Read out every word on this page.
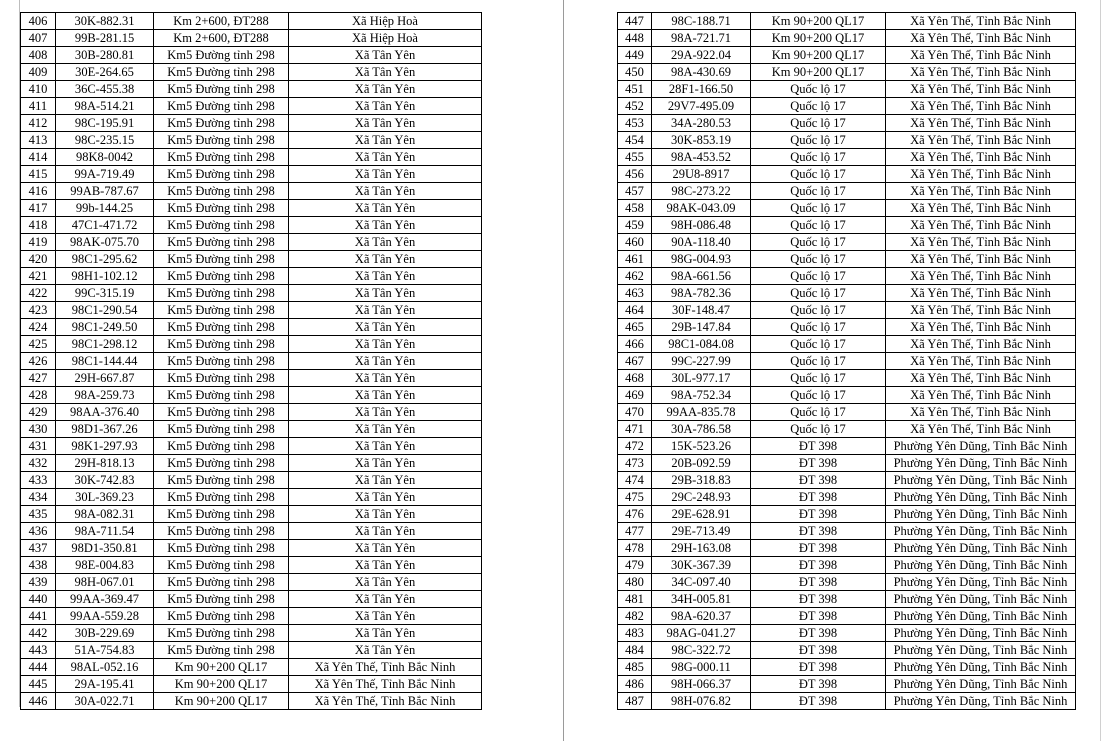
406	30K-882.31	Km 2+600, ĐT288	Xã Hiệp Hoà
407	99B-281.15	Km 2+600, ĐT288	Xã Hiệp Hoà
408	30B-280.81	Km5 Đường tỉnh 298	Xã Tân Yên
409	30E-264.65	Km5 Đường tỉnh 298	Xã Tân Yên
410	36C-455.38	Km5 Đường tỉnh 298	Xã Tân Yên
411	98A-514.21	Km5 Đường tỉnh 298	Xã Tân Yên
412	98C-195.91	Km5 Đường tỉnh 298	Xã Tân Yên
413	98C-235.15	Km5 Đường tỉnh 298	Xã Tân Yên
414	98K8-0042	Km5 Đường tỉnh 298	Xã Tân Yên
415	99A-719.49	Km5 Đường tỉnh 298	Xã Tân Yên
416	99AB-787.67	Km5 Đường tỉnh 298	Xã Tân Yên
417	99b-144.25	Km5 Đường tỉnh 298	Xã Tân Yên
418	47C1-471.72	Km5 Đường tỉnh 298	Xã Tân Yên
419	98AK-075.70	Km5 Đường tỉnh 298	Xã Tân Yên
420	98C1-295.62	Km5 Đường tỉnh 298	Xã Tân Yên
421	98H1-102.12	Km5 Đường tỉnh 298	Xã Tân Yên
422	99C-315.19	Km5 Đường tỉnh 298	Xã Tân Yên
423	98C1-290.54	Km5 Đường tỉnh 298	Xã Tân Yên
424	98C1-249.50	Km5 Đường tỉnh 298	Xã Tân Yên
425	98C1-298.12	Km5 Đường tỉnh 298	Xã Tân Yên
426	98C1-144.44	Km5 Đường tỉnh 298	Xã Tân Yên
427	29H-667.87	Km5 Đường tỉnh 298	Xã Tân Yên
428	98A-259.73	Km5 Đường tỉnh 298	Xã Tân Yên
429	98AA-376.40	Km5 Đường tỉnh 298	Xã Tân Yên
430	98D1-367.26	Km5 Đường tỉnh 298	Xã Tân Yên
431	98K1-297.93	Km5 Đường tỉnh 298	Xã Tân Yên
432	29H-818.13	Km5 Đường tỉnh 298	Xã Tân Yên
433	30K-742.83	Km5 Đường tỉnh 298	Xã Tân Yên
434	30L-369.23	Km5 Đường tỉnh 298	Xã Tân Yên
435	98A-082.31	Km5 Đường tỉnh 298	Xã Tân Yên
436	98A-711.54	Km5 Đường tỉnh 298	Xã Tân Yên
437	98D1-350.81	Km5 Đường tỉnh 298	Xã Tân Yên
438	98E-004.83	Km5 Đường tỉnh 298	Xã Tân Yên
439	98H-067.01	Km5 Đường tỉnh 298	Xã Tân Yên
440	99AA-369.47	Km5 Đường tỉnh 298	Xã Tân Yên
441	99AA-559.28	Km5 Đường tỉnh 298	Xã Tân Yên
442	30B-229.69	Km5 Đường tỉnh 298	Xã Tân Yên
443	51A-754.83	Km5 Đường tỉnh 298	Xã Tân Yên
444	98AL-052.16	Km 90+200 QL17	Xã Yên Thế, Tỉnh Bắc Ninh
445	29A-195.41	Km 90+200 QL17	Xã Yên Thế, Tỉnh Bắc Ninh
446	30A-022.71	Km 90+200 QL17	Xã Yên Thế, Tỉnh Bắc Ninh
447	98C-188.71	Km 90+200 QL17	Xã Yên Thế, Tỉnh Bắc Ninh
448	98A-721.71	Km 90+200 QL17	Xã Yên Thế, Tỉnh Bắc Ninh
449	29A-922.04	Km 90+200 QL17	Xã Yên Thế, Tỉnh Bắc Ninh
450	98A-430.69	Km 90+200 QL17	Xã Yên Thế, Tỉnh Bắc Ninh
451	28F1-166.50	Quốc lộ 17	Xã Yên Thế, Tỉnh Bắc Ninh
452	29V7-495.09	Quốc lộ 17	Xã Yên Thế, Tỉnh Bắc Ninh
453	34A-280.53	Quốc lộ 17	Xã Yên Thế, Tỉnh Bắc Ninh
454	30K-853.19	Quốc lộ 17	Xã Yên Thế, Tỉnh Bắc Ninh
455	98A-453.52	Quốc lộ 17	Xã Yên Thế, Tỉnh Bắc Ninh
456	29U8-8917	Quốc lộ 17	Xã Yên Thế, Tỉnh Bắc Ninh
457	98C-273.22	Quốc lộ 17	Xã Yên Thế, Tỉnh Bắc Ninh
458	98AK-043.09	Quốc lộ 17	Xã Yên Thế, Tỉnh Bắc Ninh
459	98H-086.48	Quốc lộ 17	Xã Yên Thế, Tỉnh Bắc Ninh
460	90A-118.40	Quốc lộ 17	Xã Yên Thế, Tỉnh Bắc Ninh
461	98G-004.93	Quốc lộ 17	Xã Yên Thế, Tỉnh Bắc Ninh
462	98A-661.56	Quốc lộ 17	Xã Yên Thế, Tỉnh Bắc Ninh
463	98A-782.36	Quốc lộ 17	Xã Yên Thế, Tỉnh Bắc Ninh
464	30F-148.47	Quốc lộ 17	Xã Yên Thế, Tỉnh Bắc Ninh
465	29B-147.84	Quốc lộ 17	Xã Yên Thế, Tỉnh Bắc Ninh
466	98C1-084.08	Quốc lộ 17	Xã Yên Thế, Tỉnh Bắc Ninh
467	99C-227.99	Quốc lộ 17	Xã Yên Thế, Tỉnh Bắc Ninh
468	30L-977.17	Quốc lộ 17	Xã Yên Thế, Tỉnh Bắc Ninh
469	98A-752.34	Quốc lộ 17	Xã Yên Thế, Tỉnh Bắc Ninh
470	99AA-835.78	Quốc lộ 17	Xã Yên Thế, Tỉnh Bắc Ninh
471	30A-786.58	Quốc lộ 17	Xã Yên Thế, Tỉnh Bắc Ninh
472	15K-523.26	ĐT 398	Phường Yên Dũng, Tỉnh Bắc Ninh
473	20B-092.59	ĐT 398	Phường Yên Dũng, Tỉnh Bắc Ninh
474	29B-318.83	ĐT 398	Phường Yên Dũng, Tỉnh Bắc Ninh
475	29C-248.93	ĐT 398	Phường Yên Dũng, Tỉnh Bắc Ninh
476	29E-628.91	ĐT 398	Phường Yên Dũng, Tỉnh Bắc Ninh
477	29E-713.49	ĐT 398	Phường Yên Dũng, Tỉnh Bắc Ninh
478	29H-163.08	ĐT 398	Phường Yên Dũng, Tỉnh Bắc Ninh
479	30K-367.39	ĐT 398	Phường Yên Dũng, Tỉnh Bắc Ninh
480	34C-097.40	ĐT 398	Phường Yên Dũng, Tỉnh Bắc Ninh
481	34H-005.81	ĐT 398	Phường Yên Dũng, Tỉnh Bắc Ninh
482	98A-620.37	ĐT 398	Phường Yên Dũng, Tỉnh Bắc Ninh
483	98AG-041.27	ĐT 398	Phường Yên Dũng, Tỉnh Bắc Ninh
484	98C-322.72	ĐT 398	Phường Yên Dũng, Tỉnh Bắc Ninh
485	98G-000.11	ĐT 398	Phường Yên Dũng, Tỉnh Bắc Ninh
486	98H-066.37	ĐT 398	Phường Yên Dũng, Tỉnh Bắc Ninh
487	98H-076.82	ĐT 398	Phường Yên Dũng, Tỉnh Bắc Ninh
